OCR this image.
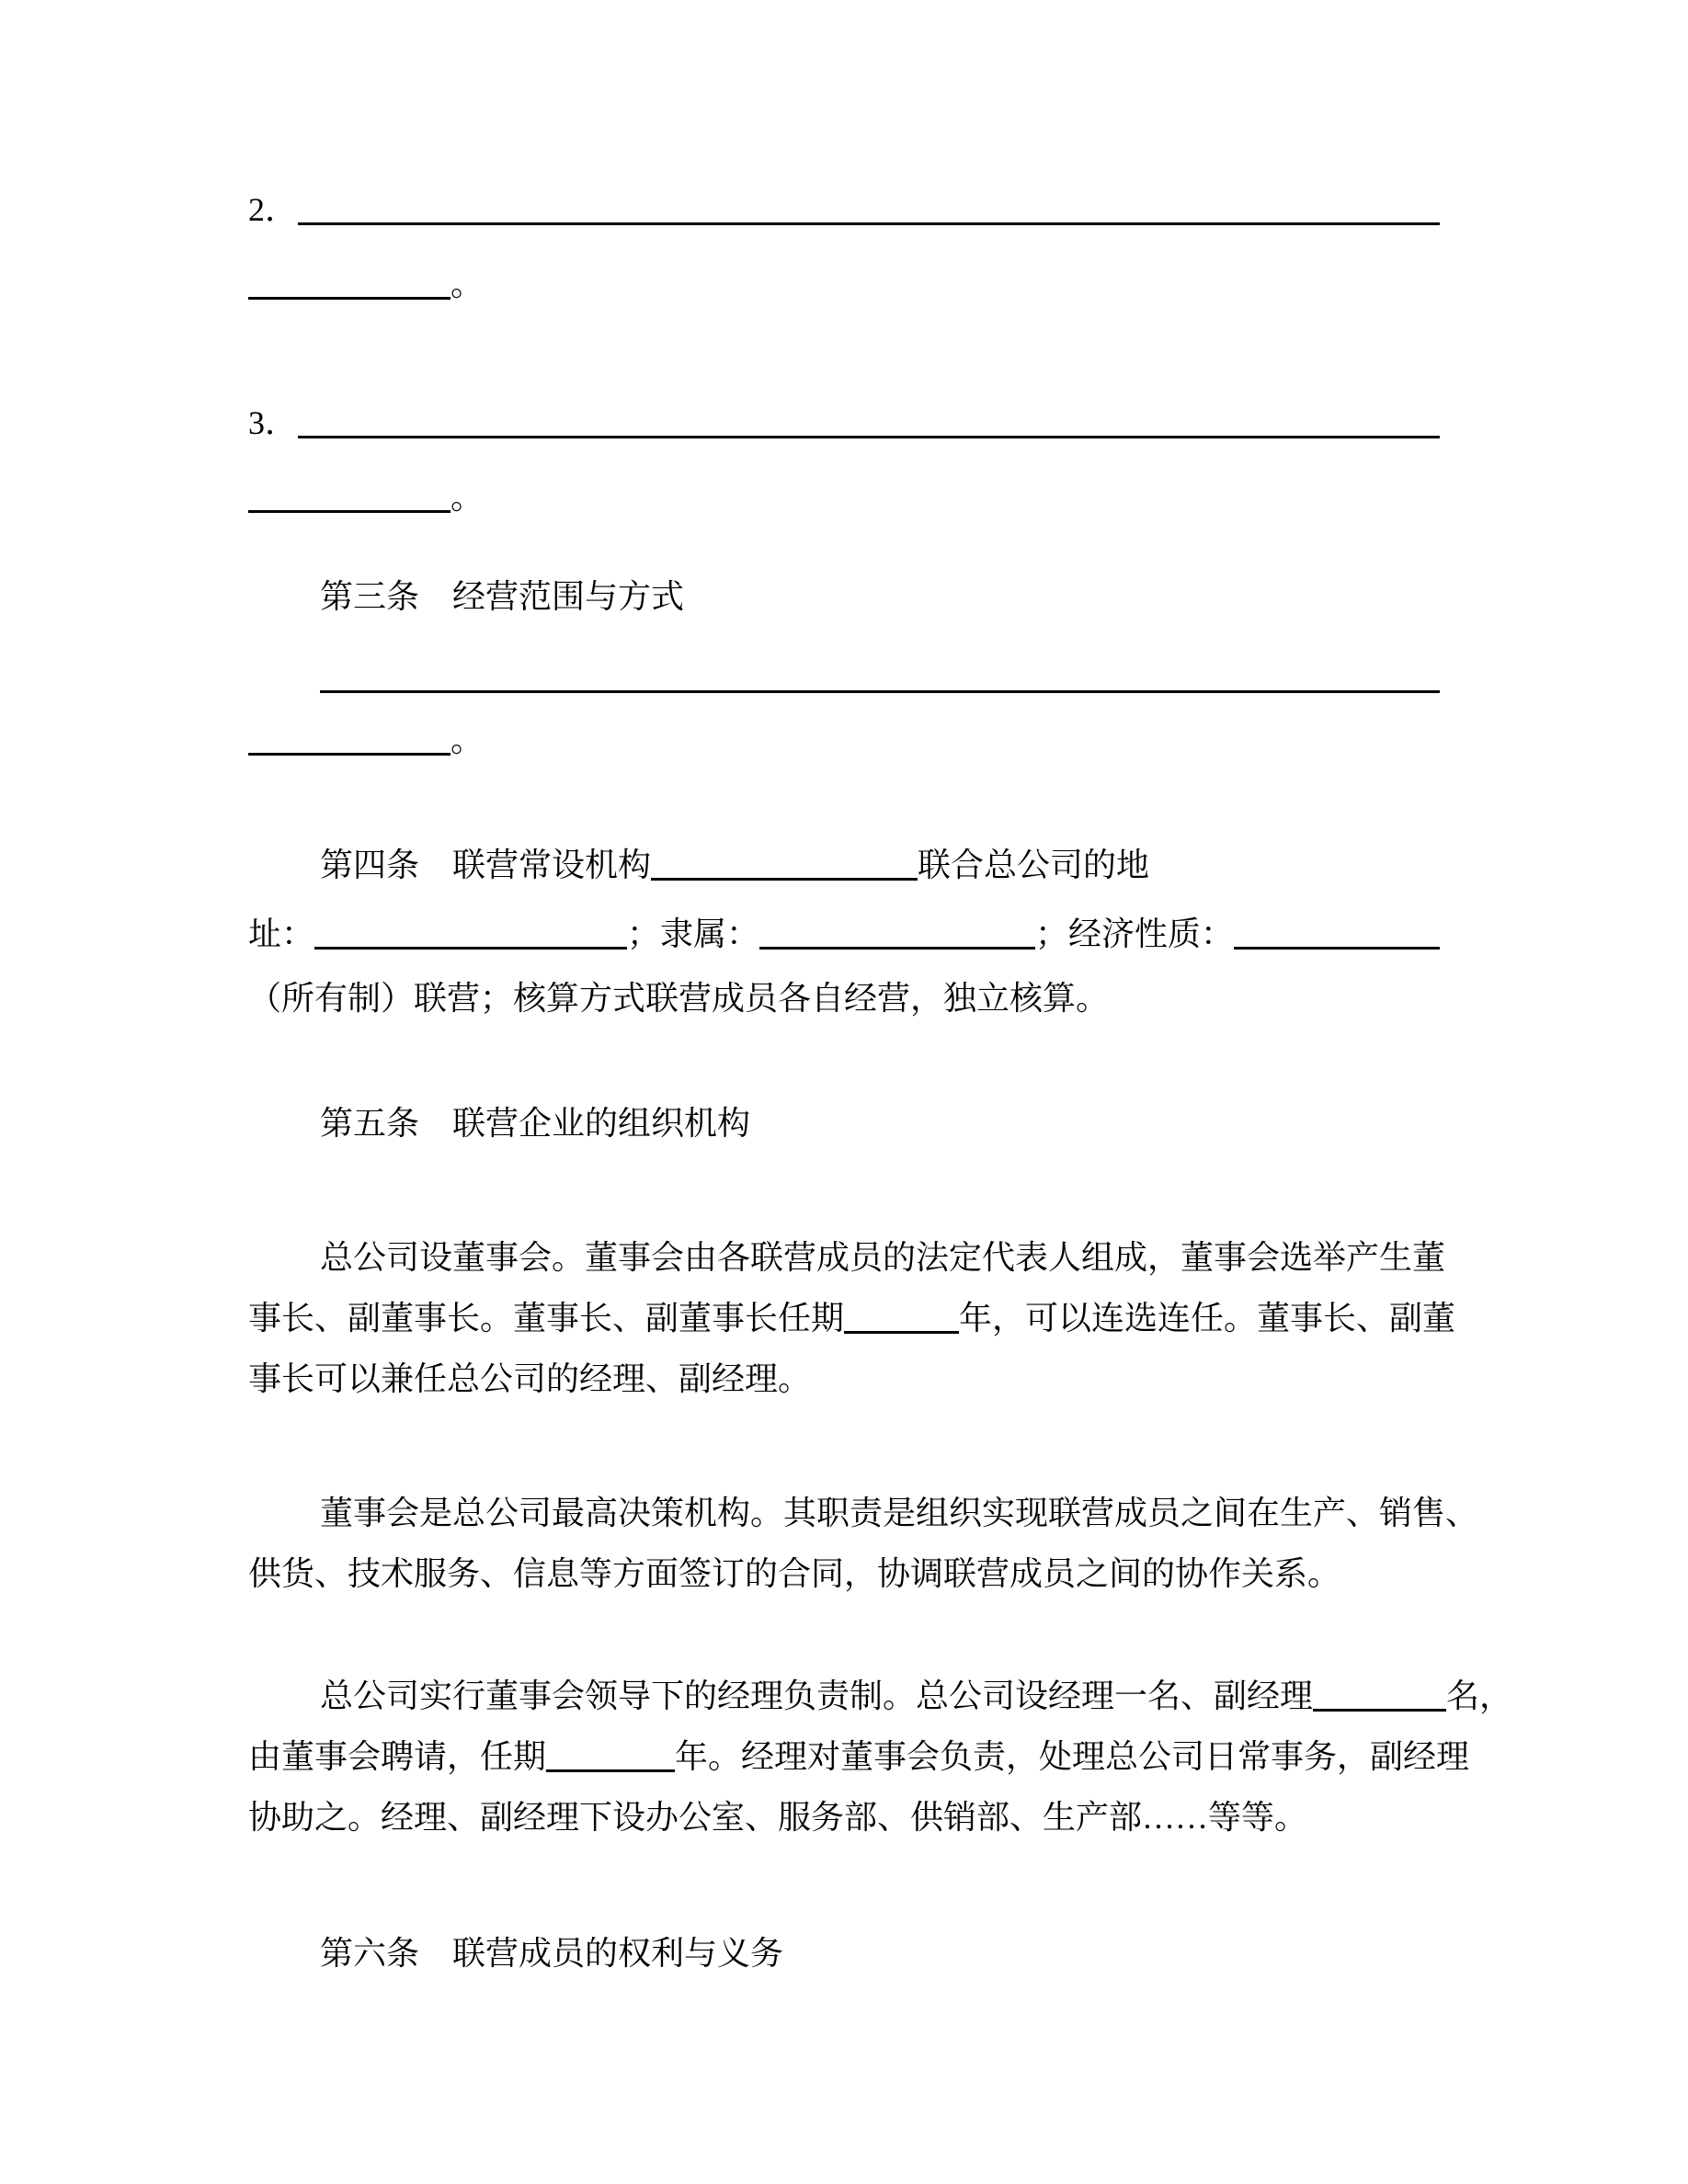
2．
。
3．
。
第三条　经营范围与方式
。
第四条　联营常设机构	联合总公司的地
址：	；隶属：	；经济性质：
（所有制）联营；核算方式联营成员各自经营，独立核算。
第五条　联营企业的组织机构
总公司设董事会。董事会由各联营成员的法定代表人组成，董事会选举产生董
事长、副董事长。董事长、副董事长任期	年，可以连选连任。董事长、副董
事长可以兼任总公司的经理、副经理。
董事会是总公司最高决策机构。其职责是组织实现联营成员之间在生产、销售、
供货、技术服务、信息等方面签订的合同，协调联营成员之间的协作关系。
总公司实行董事会领导下的经理负责制。总公司设经理一名、副经理	名，
由董事会聘请，任期	年。经理对董事会负责，处理总公司日常事务，副经理
协助之。经理、副经理下设办公室、服务部、供销部、生产部……等等。
第六条　联营成员的权利与义务
